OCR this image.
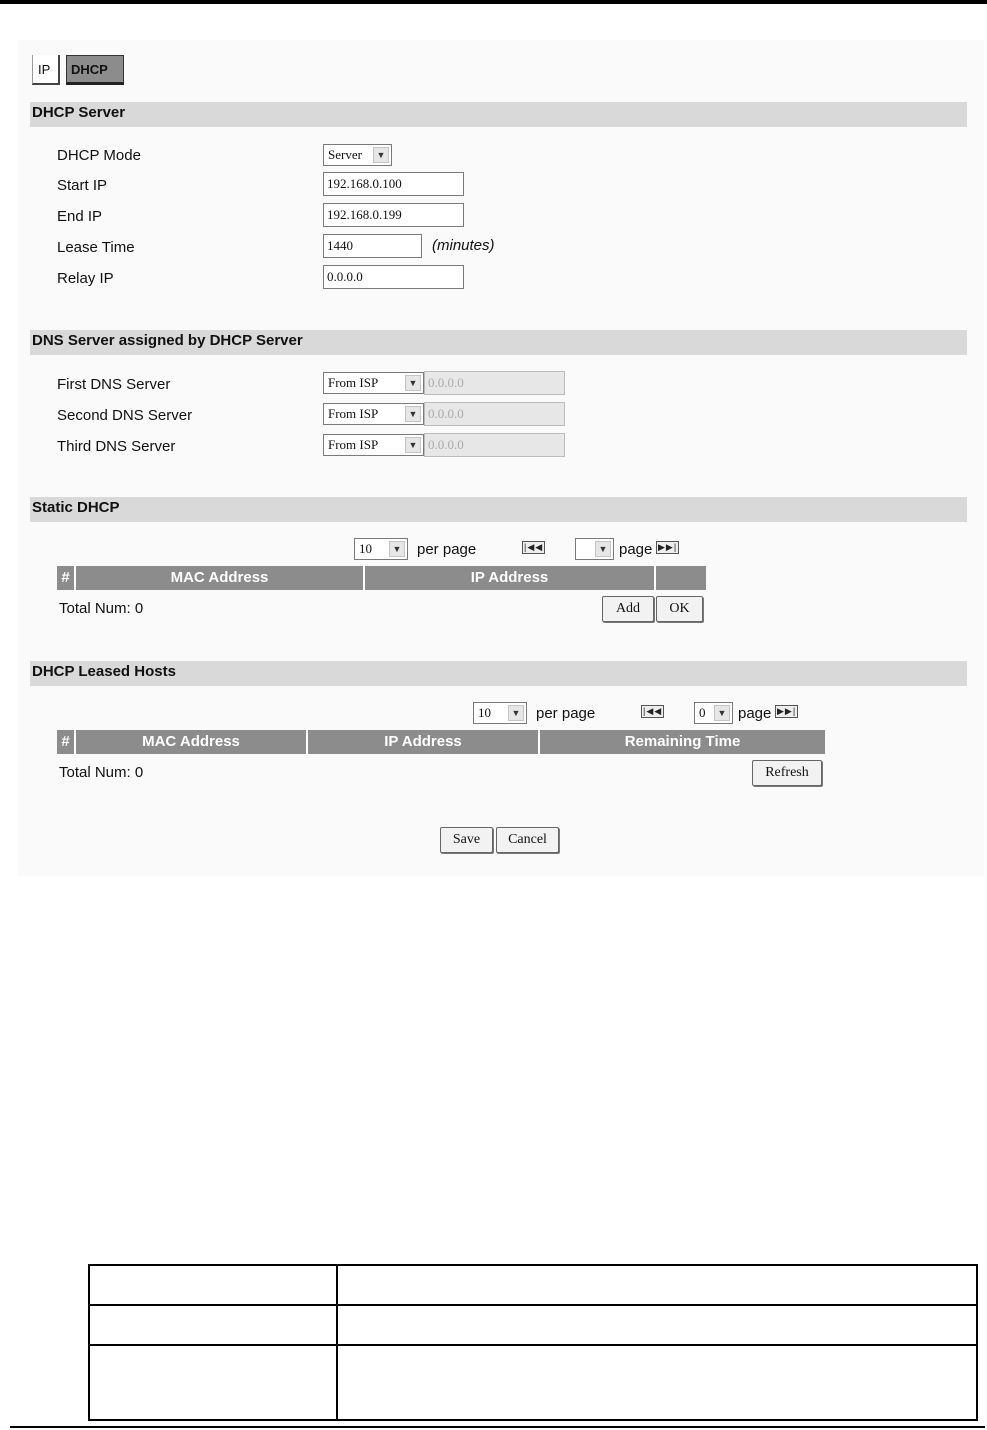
IP	DHCP
DHCP Server
DHCP Mode	Server	▼
Start IP	192.168.0.100
End IP	192.168.0.199
Lease Time	1440	(minutes)
Relay IP	0.0.0.0
DNS Server assigned by DHCP Server
First DNS Server	From ISP	▼ 0.0.0.0
Second DNS Server	From ISP	▼ 0.0.0.0
Third DNS Server	From ISP	▼ 0.0.0.0
Static DHCP
10	▼ per page	|◀◀	▼ page ▶▶|
#	MAC Address	IP Address
Total Num: 0	Add	OK
DHCP Leased Hosts
10	▼ per page	|◀◀	0	▼ page ▶▶|
#	MAC Address	IP Address	Remaining Time
Total Num: 0	Refresh
Save	Cancel
